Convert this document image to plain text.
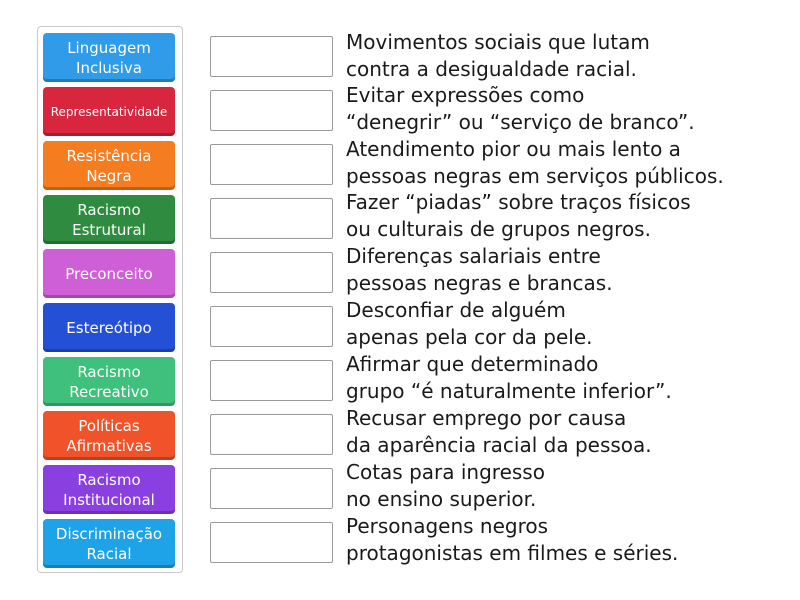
Linguagem
Inclusiva
Representatividade
Resistência
Negra
Racismo
Estrutural
Preconceito
Estereótipo
Racismo
Recreativo
Políticas
Afirmativas
Racismo
Institucional
Discriminação
Racial
Movimentos sociais que lutam
contra a desigualdade racial.
Evitar expressões como
“denegrir” ou “serviço de branco”.
Atendimento pior ou mais lento a
pessoas negras em serviços públicos.
Fazer “piadas” sobre traços físicos
ou culturais de grupos negros.
Diferenças salariais entre
pessoas negras e brancas.
Desconfiar de alguém
apenas pela cor da pele.
Afirmar que determinado
grupo “é naturalmente inferior”.
Recusar emprego por causa
da aparência racial da pessoa.
Cotas para ingresso
no ensino superior.
Personagens negros
protagonistas em filmes e séries.
